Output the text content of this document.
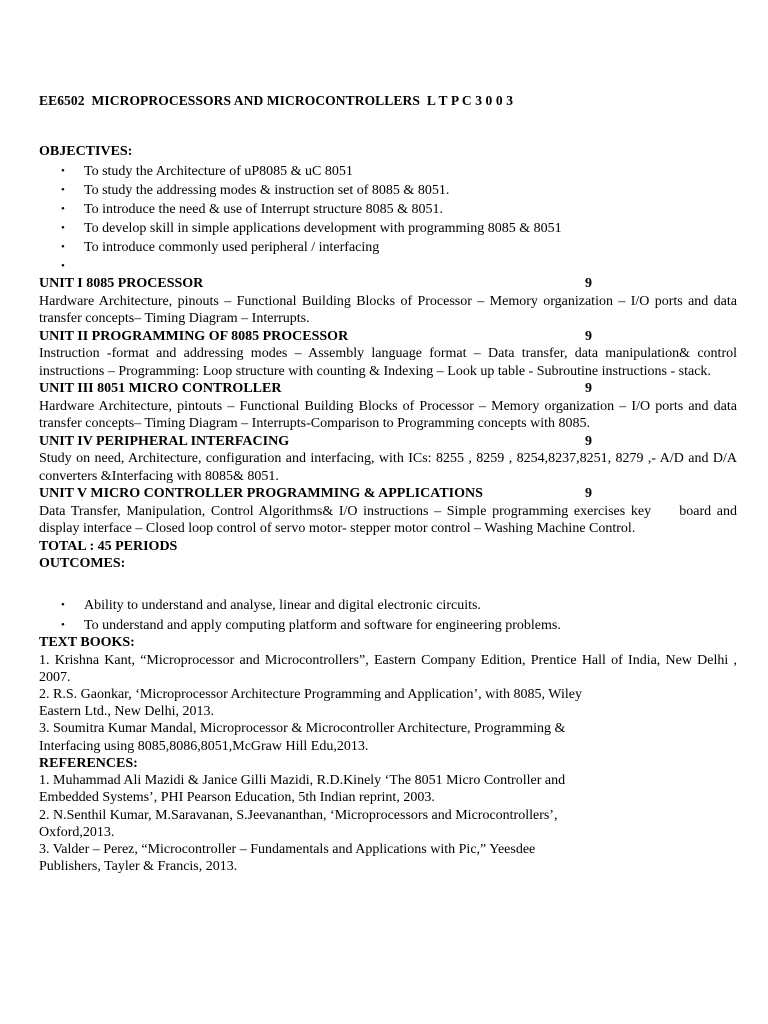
EE6502  MICROPROCESSORS AND MICROCONTROLLERS  L T P C 3 0 0 3
OBJECTIVES:
• To study the Architecture of uP8085 & uC 8051
• To study the addressing modes & instruction set of 8085 & 8051.
• To introduce the need & use of Interrupt structure 8085 & 8051.
• To develop skill in simple applications development with programming 8085 & 8051
• To introduce commonly used peripheral / interfacing
•
UNIT I 8085 PROCESSOR	9
Hardware Architecture, pinouts – Functional Building Blocks of Processor – Memory organization – I/O ports and data transfer concepts– Timing Diagram – Interrupts.
UNIT II PROGRAMMING OF 8085 PROCESSOR	9
Instruction -format and addressing modes – Assembly language format – Data transfer, data manipulation& control instructions – Programming: Loop structure with counting & Indexing – Look up table - Subroutine instructions - stack.
UNIT III 8051 MICRO CONTROLLER	9
Hardware Architecture, pintouts – Functional Building Blocks of Processor – Memory organization – I/O ports and data transfer concepts– Timing Diagram – Interrupts-Comparison to Programming concepts with 8085.
UNIT IV PERIPHERAL INTERFACING	9
Study on need, Architecture, configuration and interfacing, with ICs: 8255 , 8259 , 8254,8237,8251, 8279 ,- A/D and D/A converters &Interfacing with 8085& 8051.
UNIT V MICRO CONTROLLER PROGRAMMING & APPLICATIONS	9
Data Transfer, Manipulation, Control Algorithms& I/O instructions – Simple programming exercises key     board and display interface – Closed loop control of servo motor- stepper motor control – Washing Machine Control.
TOTAL : 45 PERIODS
OUTCOMES:
• Ability to understand and analyse, linear and digital electronic circuits.
• To understand and apply computing platform and software for engineering problems.
TEXT BOOKS:
1. Krishna Kant, “Microprocessor and Microcontrollers”, Eastern Company Edition, Prentice Hall of India, New Delhi , 2007.
2. R.S. Gaonkar, ‘Microprocessor Architecture Programming and Application’, with 8085, Wiley
Eastern Ltd., New Delhi, 2013.
3. Soumitra Kumar Mandal, Microprocessor & Microcontroller Architecture, Programming &
Interfacing using 8085,8086,8051,McGraw Hill Edu,2013.
REFERENCES:
1. Muhammad Ali Mazidi & Janice Gilli Mazidi, R.D.Kinely ‘The 8051 Micro Controller and
Embedded Systems’, PHI Pearson Education, 5th Indian reprint, 2003.
2. N.Senthil Kumar, M.Saravanan, S.Jeevananthan, ‘Microprocessors and Microcontrollers’,
Oxford,2013.
3. Valder – Perez, “Microcontroller – Fundamentals and Applications with Pic,” Yeesdee
Publishers, Tayler & Francis, 2013.
